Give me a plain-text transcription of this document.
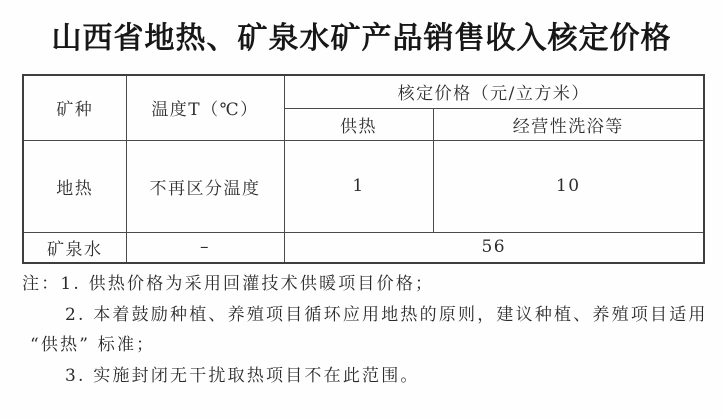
山西省地热、矿泉水矿产品销售收入核定价格
矿种	温度T（℃）	核定价格（元/立方米）	
		供热	经营性洗浴等
地热	不再区分温度	1	10
矿泉水	–	56	
注：1. 供热价格为采用回灌技术供暖项目价格；
2. 本着鼓励种植、养殖项目循环应用地热的原则，建议种植、养殖项目适用
“供热” 标准；
3. 实施封闭无干扰取热项目不在此范围。
